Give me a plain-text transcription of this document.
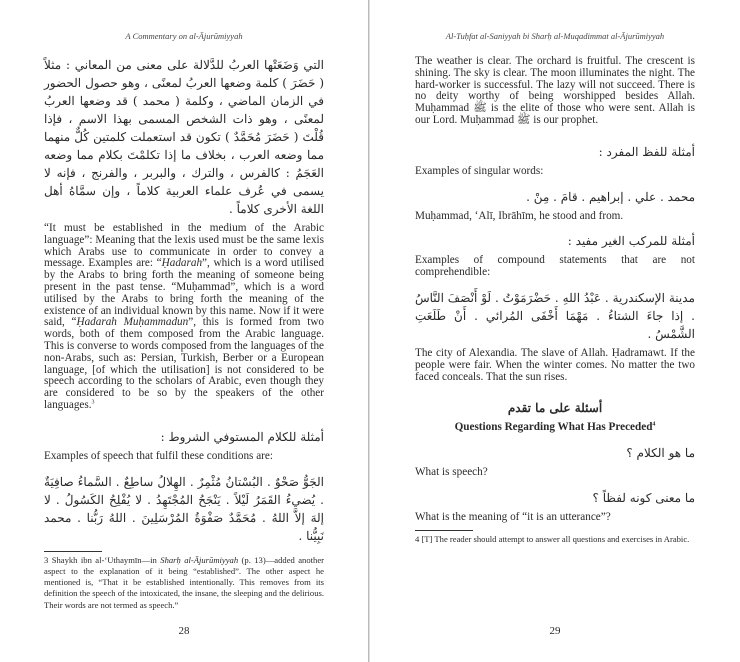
A Commentary on al-Ājurūmiyyah
التي وَضَعَتْها العربُ للدَّلالة على معنى من المعاني : مثلاً ( حَضَرَ ) كلمة وضعها العربُ لمعنًى ، وهو حصول الحضور في الزمان الماضي ، وكلمة ( محمد ) قد وضعها العربُ لمعنًى ، وهو ذات الشخص المسمى بهذا الاسم ، فإذا قُلْتَ ( حَضَرَ مُحَمَّدٌ ) تكون قد استعملت كلمتين كُلٌّ منهما مما وضعه العرب ، بخلاف ما إذا تكلمْتَ بكلام مما وضعه العَجَمُ : كالفرس ، والترك ، والبربر ، والفرنج ، فإنه لا يسمى في عُرف علماء العربية كلاماً ، وإن سمَّاهُ أهل اللغة الأخرى كلاماً .
“It must be established in the medium of the Arabic language”: Meaning that the lexis used must be the same lexis which Arabs use to communicate in order to convey a message. Examples are: “Ḥadarah”, which is a word utilised by the Arabs to bring forth the meaning of someone being present in the past tense. “Muḥammad”, which is a word utilised by the Arabs to bring forth the meaning of the existence of an individual known by this name. Now if it were said, “Ḥadarah Muḥammadun”, this is formed from two words, both of them composed from the Arabic language. This is converse to words composed from the languages of the non-Arabs, such as: Persian, Turkish, Berber or a European language, [of which the utilisation] is not considered to be speech according to the scholars of Arabic, even though they are considered to be so by the speakers of the other languages.$^3$
أمثلة للكلام المستوفي الشروط :
Examples of speech that fulfil these conditions are:
الجَوُّ صَحْوٌ . البُسْتانُ مُثْمِرٌ . الهِلالُ ساطِعٌ . السَّماءُ صافِيَةٌ . يُضيءُ القَمَرُ لَيْلاً . يَنْجَحُ المُجْتَهِدُ . لا يُفْلِحُ الكَسُولُ . لا إلهَ إلاَّ اللهُ . مُحَمَّدٌ صَفْوَةُ المُرْسَلِينَ . اللهُ رَبُّنا . محمد نَبِيُّنا .
3 Shaykh ibn al-‘Uthaymīn—in Sharḥ al-Ājurūmiyyah (p. 13)—added another aspect to the explanation of it being “established”. The other aspect he mentioned is, “That it be established intentionally. This removes from its definition the speech of the intoxicated, the insane, the sleeping and the delirious. Their words are not termed as speech.”
28
Al-Tuḥfat al-Saniyyah bi Sharḥ al-Muqadimmat al-Ājurūmiyyah
The weather is clear. The orchard is fruitful. The crescent is shining. The sky is clear. The moon illuminates the night. The hard-worker is successful. The lazy will not succeed. There is no deity worthy of being worshipped besides Allah. Muḥammad ﷺ is the elite of those who were sent. Allah is our Lord. Muḥammad ﷺ is our prophet.
أمثلة للفظ المفرد :
Examples of singular words:
محمد . علي . إبراهيم . قامَ . مِنْ .
Muḥammad, ‘Alī, Ibrāhīm, he stood and from.
أمثلة للمركب الغير مفيد :
Examples of compound statements that are not comprehendible:
مدينة الإسكندرية . عَبْدُ اللهِ . حَضْرَمَوْتُ . لَوْ أَنْصَفَ النَّاسُ . إذا جاءَ الشتاءُ . مَهْمَا أَخْفَى المُرائي . أَنْ طَلَعَتِ الشَّمْسُ .
The city of Alexandia. The slave of Allah. Ḥadramawt. If the people were fair. When the winter comes. No matter the two faced conceals. That the sun rises.
أسئلة على ما تقدم
Questions Regarding What Has Preceded$^4$
ما هو الكلام ؟
What is speech?
ما معنى كونه لفظاً ؟
What is the meaning of “it is an utterance”?
4 [T] The reader should attempt to answer all questions and exercises in Arabic.
29
